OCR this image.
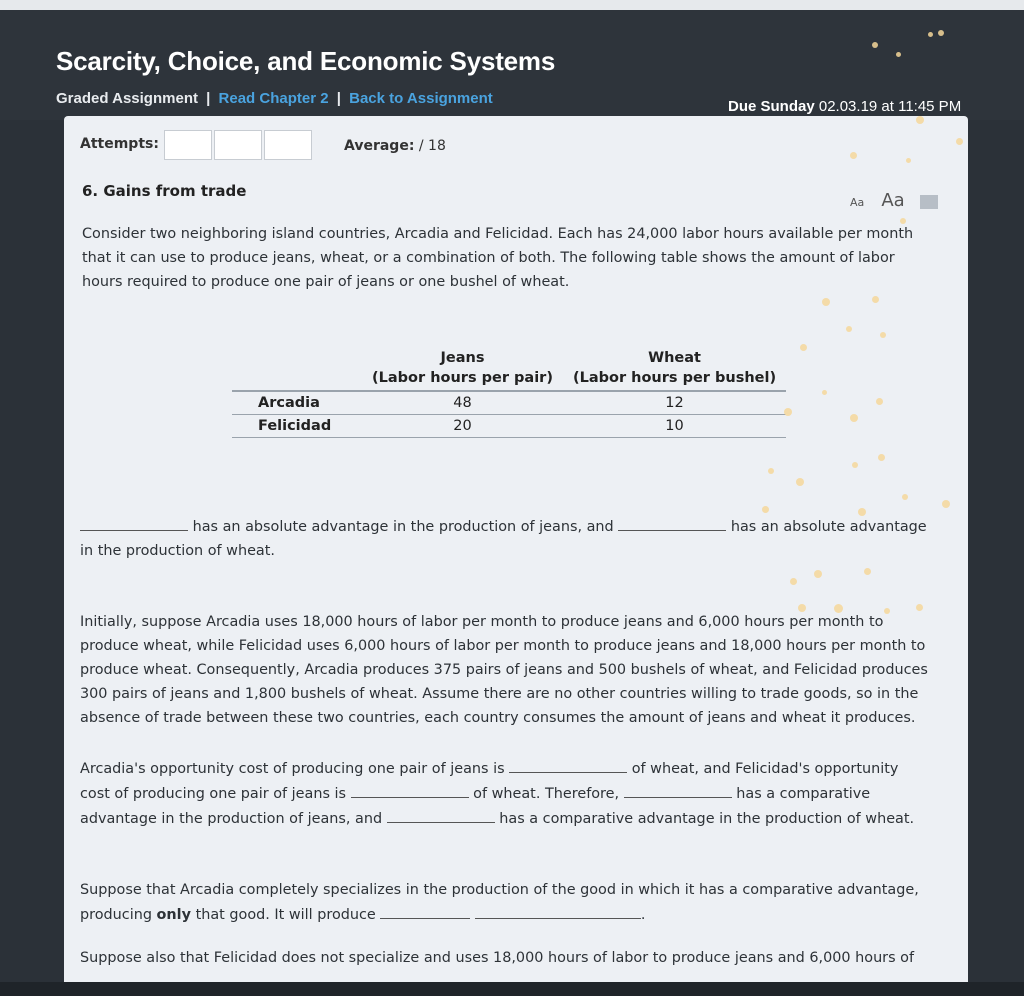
Scarcity, Choice, and Economic Systems
Graded Assignment | Read Chapter 2 | Back to Assignment	Due Sunday 02.03.19 at 11:45 PM
Attempts:	Average: / 18
6. Gains from trade
Aa Aa

Consider two neighboring island countries, Arcadia and Felicidad. Each has 24,000 labor hours available per month that it can use to produce jeans, wheat, or a combination of both. The following table shows the amount of labor hours required to produce one pair of jeans or one bushel of wheat.

	Jeans	Wheat
	(Labor hours per pair)	(Labor hours per bushel)
Arcadia	48	12
Felicidad	20	10

has an absolute advantage in the production of jeans, and	has an absolute advantage in the production of wheat.

Initially, suppose Arcadia uses 18,000 hours of labor per month to produce jeans and 6,000 hours per month to produce wheat, while Felicidad uses 6,000 hours of labor per month to produce jeans and 18,000 hours per month to produce wheat. Consequently, Arcadia produces 375 pairs of jeans and 500 bushels of wheat, and Felicidad produces 300 pairs of jeans and 1,800 bushels of wheat. Assume there are no other countries willing to trade goods, so in the absence of trade between these two countries, each country consumes the amount of jeans and wheat it produces.

Arcadia's opportunity cost of producing one pair of jeans is	of wheat, and Felicidad's opportunity cost of producing one pair of jeans is	of wheat. Therefore,	has a comparative advantage in the production of jeans, and	has a comparative advantage in the production of wheat.

Suppose that Arcadia completely specializes in the production of the good in which it has a comparative advantage, producing only that good. It will produce	.

Suppose also that Felicidad does not specialize and uses 18,000 hours of labor to produce jeans and 6,000 hours of
